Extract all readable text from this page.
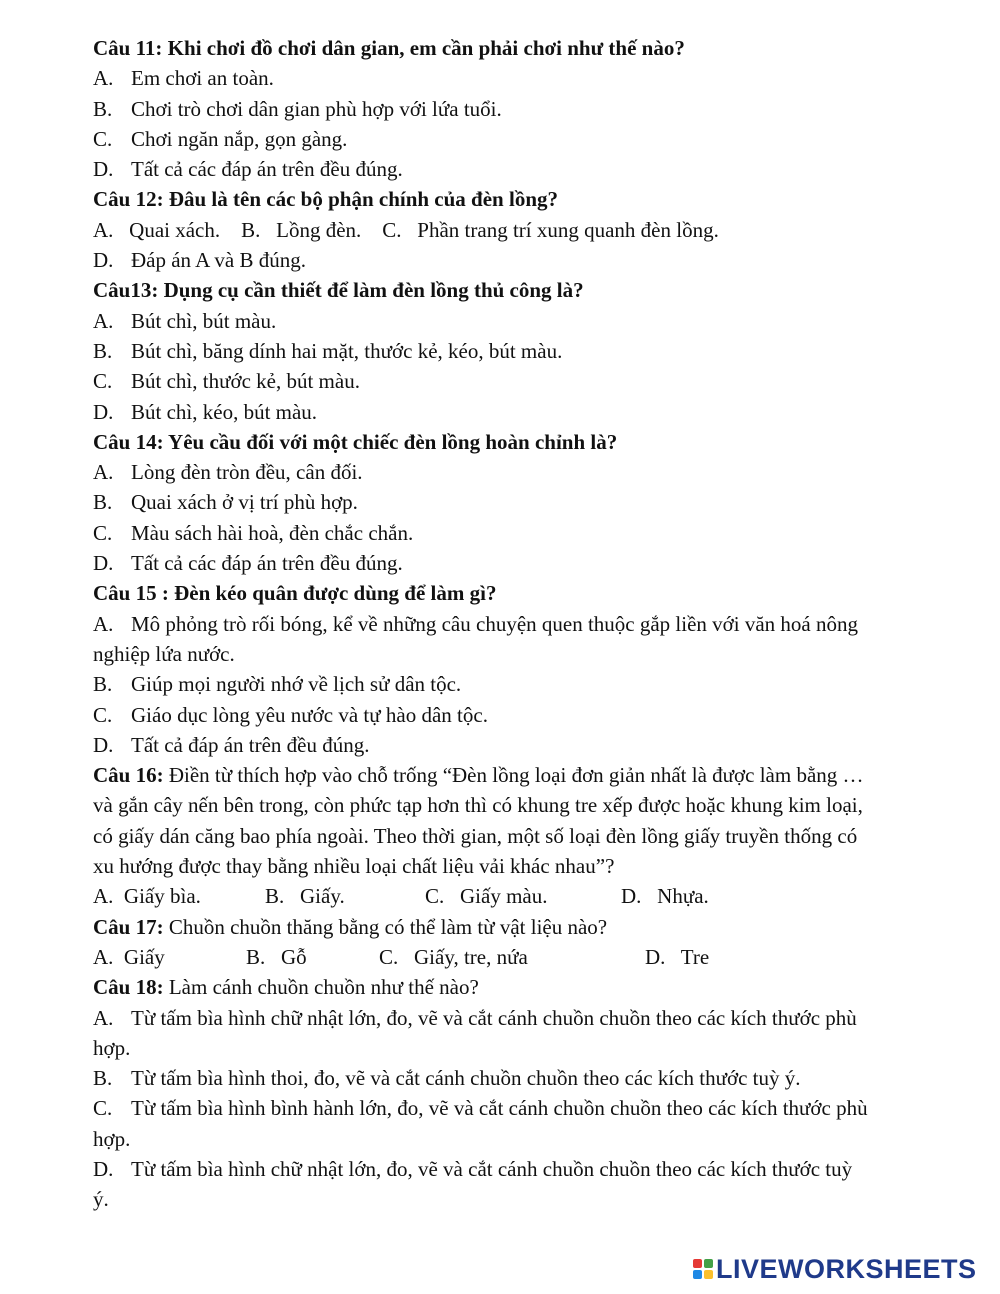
Câu 11: Khi chơi đồ chơi dân gian, em cần phải chơi như thế nào?
A. Em chơi an toàn.
B. Chơi trò chơi dân gian phù hợp với lứa tuổi.
C. Chơi ngăn nắp, gọn gàng.
D. Tất cả các đáp án trên đều đúng.
Câu 12: Đâu là tên các bộ phận chính của đèn lồng?
A.   Quai xách.    B.   Lồng đèn.    C.   Phần trang trí xung quanh đèn lồng.
D. Đáp án A và B đúng.
Câu13: Dụng cụ cần thiết để làm đèn lồng thủ công là?
A. Bút chì, bút màu.
B. Bút chì, băng dính hai mặt, thước kẻ, kéo, bút màu.
C. Bút chì, thước kẻ, bút màu.
D. Bút chì, kéo, bút màu.
Câu 14: Yêu cầu đối với một chiếc đèn lồng hoàn chỉnh là?
A. Lòng đèn tròn đều, cân đối.
B. Quai xách ở vị trí phù hợp.
C. Màu sách hài hoà, đèn chắc chắn.
D. Tất cả các đáp án trên đều đúng.
Câu 15 : Đèn kéo quân được dùng để làm gì?
A. Mô phỏng trò rối bóng, kể về những câu chuyện quen thuộc gắp liền với văn hoá nông
nghiệp lứa nước.
B. Giúp mọi người nhớ về lịch sử dân tộc.
C. Giáo dục lòng yêu nước và tự hào dân tộc.
D. Tất cả đáp án trên đều đúng.
Câu 16: Điền từ thích hợp vào chỗ trống “Đèn lồng loại đơn giản nhất là được làm bằng …
và gắn cây nến bên trong, còn phức tạp hơn thì có khung tre xếp được hoặc khung kim loại,
có giấy dán căng bao phía ngoài. Theo thời gian, một số loại đèn lồng giấy truyền thống có
xu hướng được thay bằng nhiều loại chất liệu vải khác nhau”?
A.  Giấy bìa.	B.   Giấy.	C.   Giấy màu.	D.   Nhựa.
Câu 17: Chuồn chuồn thăng bằng có thể làm từ vật liệu nào?
A.  Giấy	B.   Gỗ	C.   Giấy, tre, nứa	D.   Tre
Câu 18: Làm cánh chuồn chuồn như thế nào?
A. Từ tấm bìa hình chữ nhật lớn, đo, vẽ và cắt cánh chuồn chuồn theo các kích thước phù
hợp.
B. Từ tấm bìa hình thoi, đo, vẽ và cắt cánh chuồn chuồn theo các kích thước tuỳ ý.
C. Từ tấm bìa hình bình hành lớn, đo, vẽ và cắt cánh chuồn chuồn theo các kích thước phù
hợp.
D. Từ tấm bìa hình chữ nhật lớn, đo, vẽ và cắt cánh chuồn chuồn theo các kích thước tuỳ
ý.
LIVEWORKSHEETS
